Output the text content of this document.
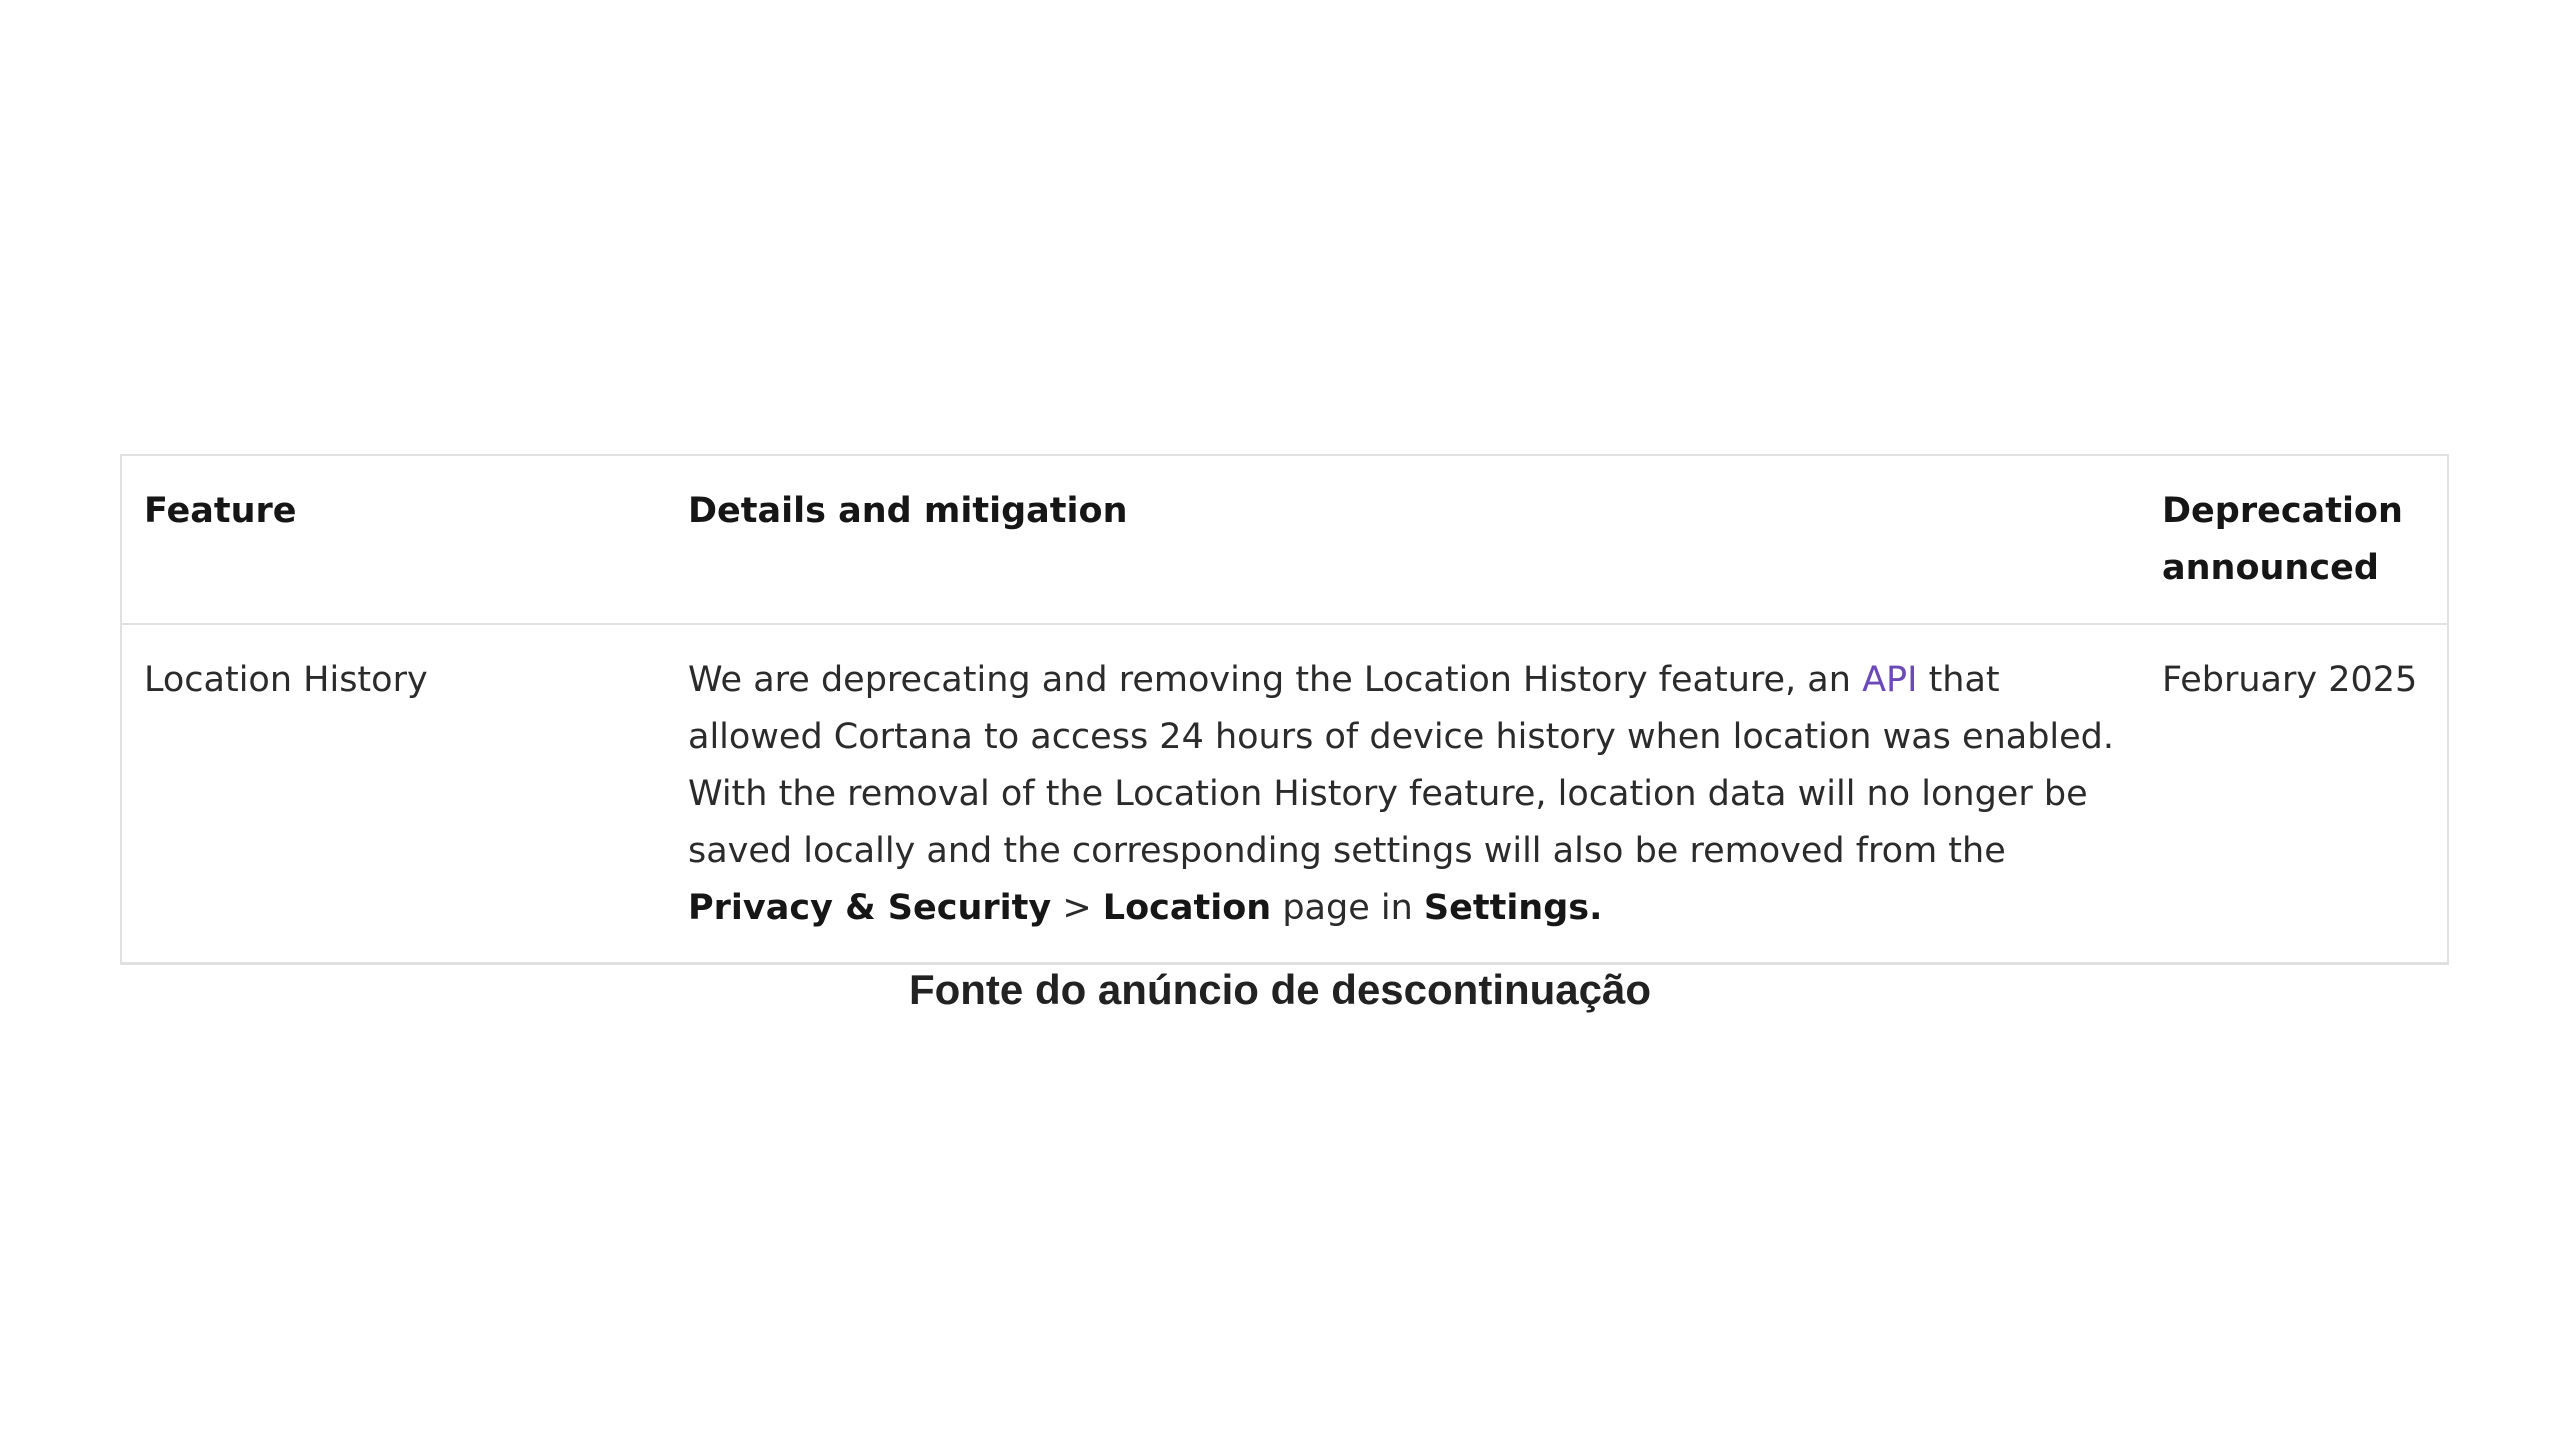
Feature	Details and mitigation	Deprecation announced
Location History	We are deprecating and removing the Location History feature, an API that allowed Cortana to access 24 hours of device history when location was enabled. With the removal of the Location History feature, location data will no longer be saved locally and the corresponding settings will also be removed from the Privacy & Security > Location page in Settings.	February 2025
Fonte do anúncio de descontinuação
